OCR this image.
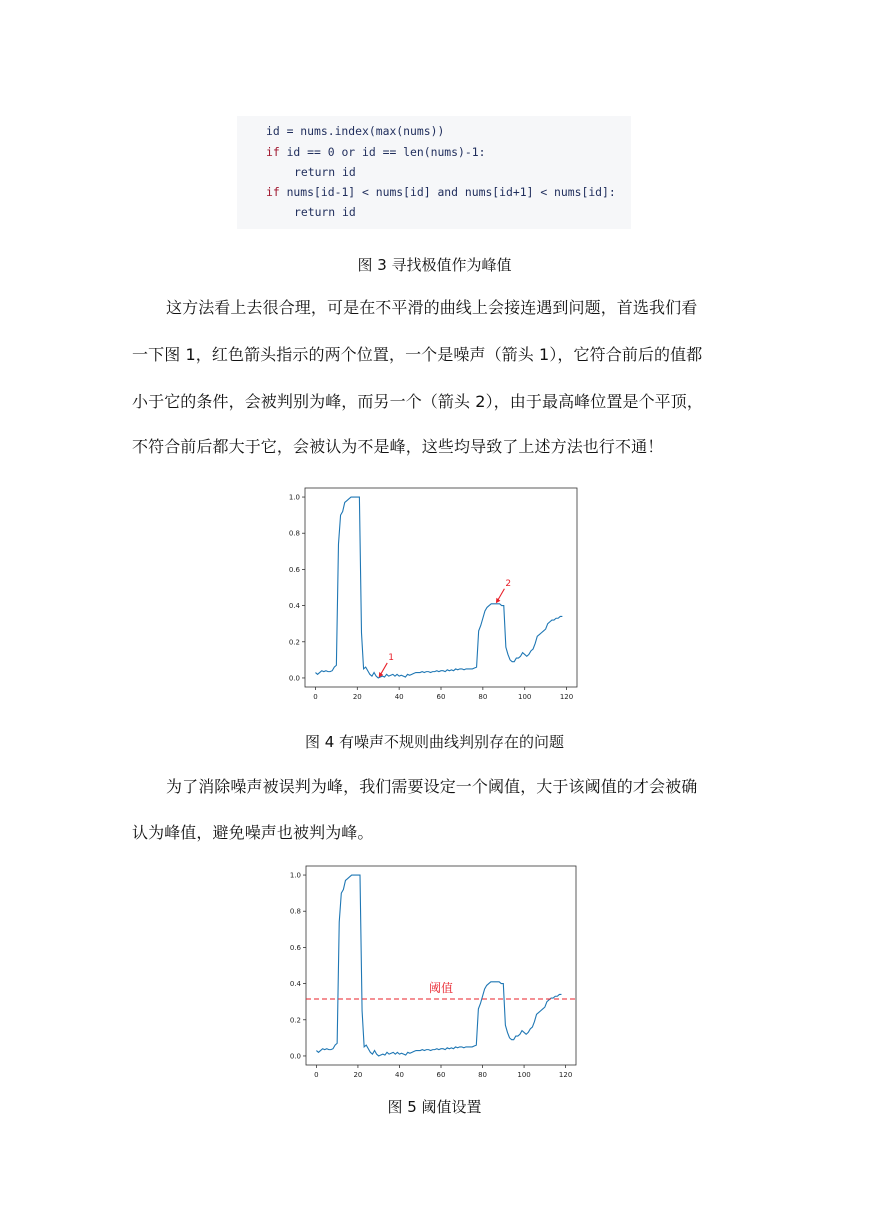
id = nums.index(max(nums))
if id == 0 or id == len(nums)-1:
return id
if nums[id-1] < nums[id] and nums[id+1] < nums[id]:
return id
图 3 寻找极值作为峰值
这方法看上去很合理，可是在不平滑的曲线上会接连遇到问题，首选我们看
一下图 1，红色箭头指示的两个位置，一个是噪声（箭头 1），它符合前后的值都
小于它的条件，会被判别为峰，而另一个（箭头 2），由于最高峰位置是个平顶，
不符合前后都大于它，会被认为不是峰，这些均导致了上述方法也行不通！
0.0
0.2
0.4
0.6
0.8
1.0
0	20	40	60	80	100	120
1
2
图 4 有噪声不规则曲线判别存在的问题
为了消除噪声被误判为峰，我们需要设定一个阈值，大于该阈值的才会被确
认为峰值，避免噪声也被判为峰。
0.0
0.2
0.4
0.6
0.8
1.0
0	20	40	60	80	100	120
阈值
图 5 阈值设置
